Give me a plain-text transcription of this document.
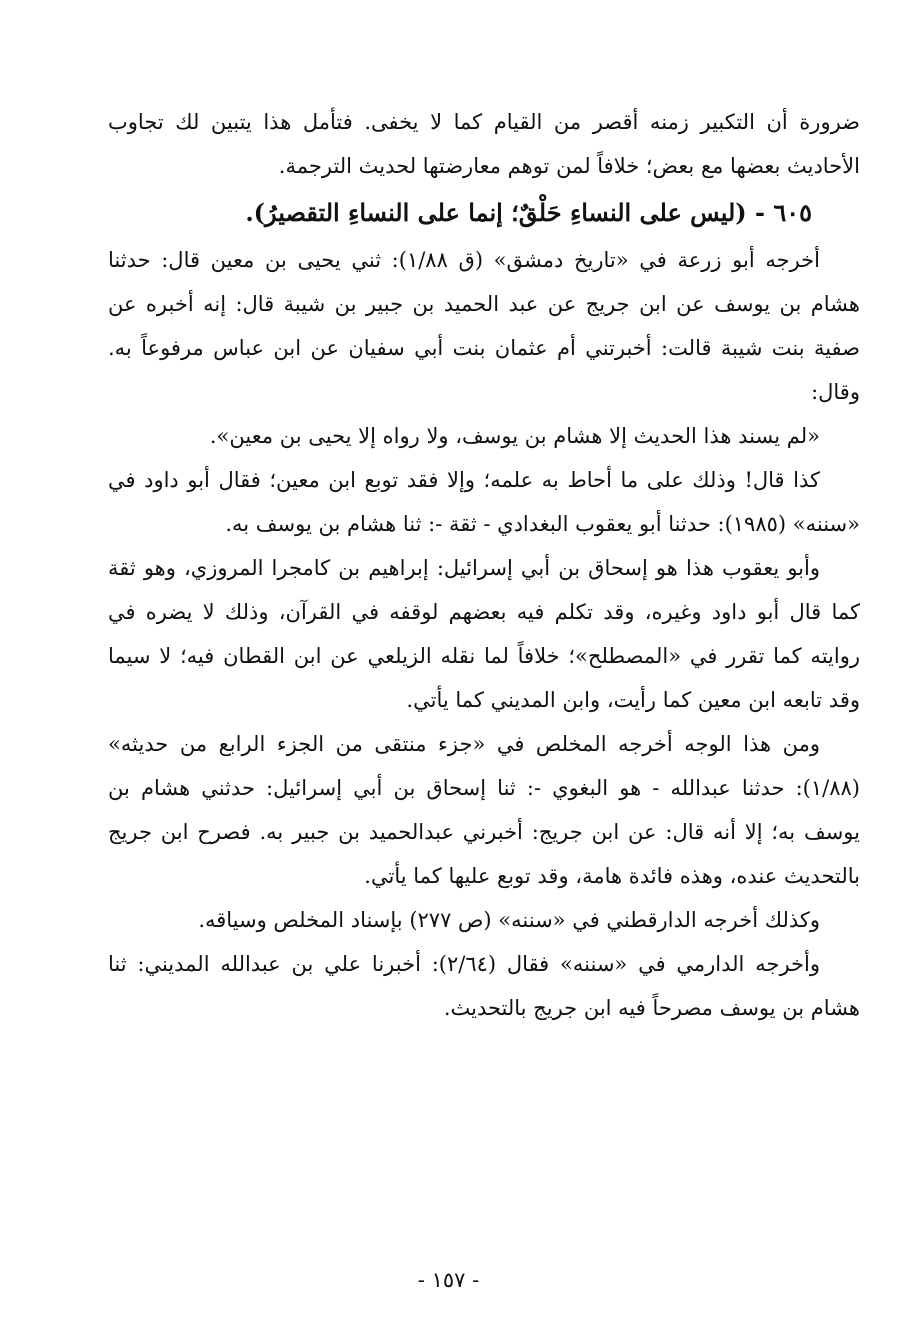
ضرورة أن التكبير زمنه أقصر من القيام كما لا يخفى. فتأمل هذا يتبين لك تجاوب الأحاديث بعضها مع بعض؛ خلافاً لمن توهم معارضتها لحديث الترجمة.

٦٠٥ - (ليس على النساءِ حَلْقٌ؛ إنما على النساءِ التقصيرُ).

أخرجه أبو زرعة في «تاريخ دمشق» (ق ١/٨٨): ثني يحيى بن معين قال: حدثنا هشام بن يوسف عن ابن جريج عن عبد الحميد بن جبير بن شيبة قال: إنه أخبره عن صفية بنت شيبة قالت: أخبرتني أم عثمان بنت أبي سفيان عن ابن عباس مرفوعاً به. وقال:

«لم يسند هذا الحديث إلا هشام بن يوسف، ولا رواه إلا يحيى بن معين».

كذا قال! وذلك على ما أحاط به علمه؛ وإلا فقد توبع ابن معين؛ فقال أبو داود في «سننه» (١٩٨٥): حدثنا أبو يعقوب البغدادي - ثقة -: ثنا هشام بن يوسف به.

وأبو يعقوب هذا هو إسحاق بن أبي إسرائيل: إبراهيم بن كامجرا المروزي، وهو ثقة كما قال أبو داود وغيره، وقد تكلم فيه بعضهم لوقفه في القرآن، وذلك لا يضره في روايته كما تقرر في «المصطلح»؛ خلافاً لما نقله الزيلعي عن ابن القطان فيه؛ لا سيما وقد تابعه ابن معين كما رأيت، وابن المديني كما يأتي.

ومن هذا الوجه أخرجه المخلص في «جزء منتقى من الجزء الرابع من حديثه» (١/٨٨): حدثنا عبدالله - هو البغوي -: ثنا إسحاق بن أبي إسرائيل: حدثني هشام بن يوسف به؛ إلا أنه قال: عن ابن جريج: أخبرني عبدالحميد بن جبير به. فصرح ابن جريج بالتحديث عنده، وهذه فائدة هامة، وقد توبع عليها كما يأتي.

وكذلك أخرجه الدارقطني في «سننه» (ص ٢٧٧) بإسناد المخلص وسياقه.

وأخرجه الدارمي في «سننه» فقال (٢/٦٤): أخبرنا علي بن عبدالله المديني: ثنا هشام بن يوسف مصرحاً فيه ابن جريج بالتحديث.

- ١٥٧ -
